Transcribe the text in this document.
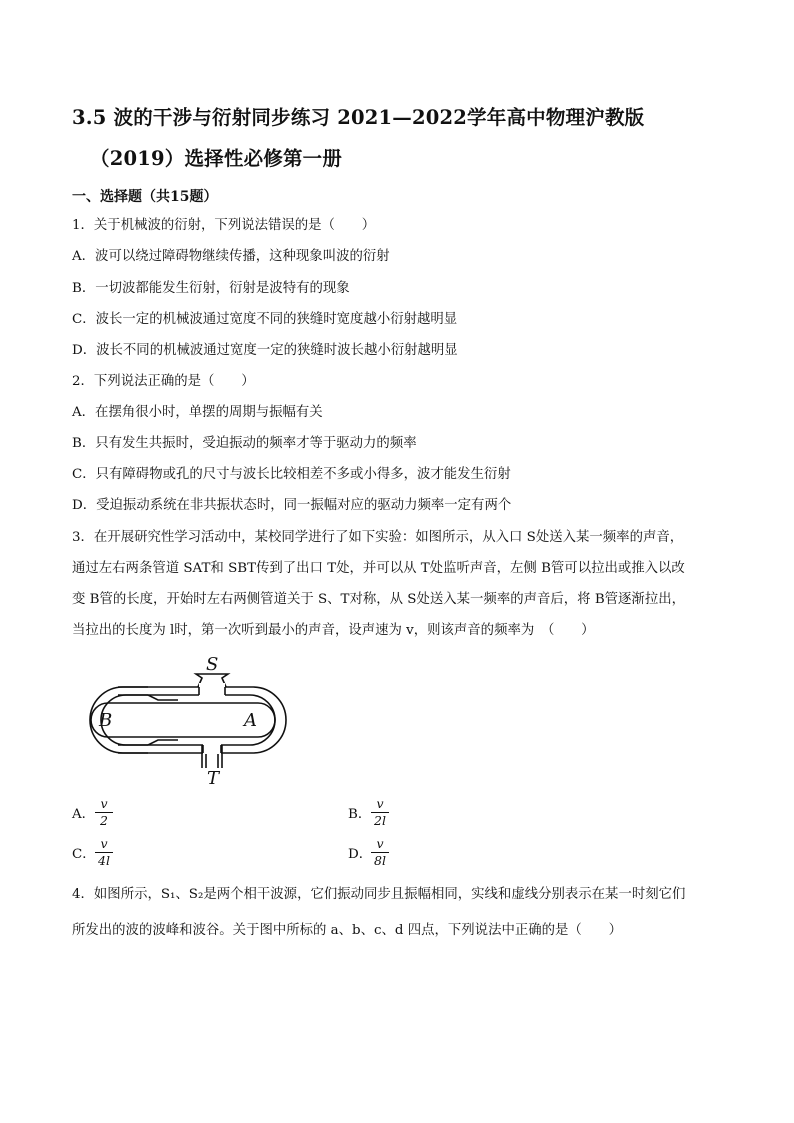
3.5 波的干涉与衍射同步练习 2021—2022学年高中物理沪教版
（2019）选择性必修第一册
一、选择题（共15题）
1．关于机械波的衍射，下列说法错误的是（　　）
A．波可以绕过障碍物继续传播，这种现象叫波的衍射
B．一切波都能发生衍射，衍射是波特有的现象
C．波长一定的机械波通过宽度不同的狭缝时宽度越小衍射越明显
D．波长不同的机械波通过宽度一定的狭缝时波长越小衍射越明显
2．下列说法正确的是（　　）
A．在摆角很小时，单摆的周期与振幅有关
B．只有发生共振时，受迫振动的频率才等于驱动力的频率
C．只有障碍物或孔的尺寸与波长比较相差不多或小得多，波才能发生衍射
D．受迫振动系统在非共振状态时，同一振幅对应的驱动力频率一定有两个
3．在开展研究性学习活动中，某校同学进行了如下实验：如图所示，从入口 S处送入某一频率的声音，
通过左右两条管道 SAT和 SBT传到了出口 T处，并可以从 T处监听声音，左侧 B管可以拉出或推入以改
变 B管的长度，开始时左右两侧管道关于 S、T对称，从 S处送入某一频率的声音后，将 B管逐渐拉出，
当拉出的长度为 l时，第一次听到最小的声音，设声速为 v，则该声音的频率为　（　　）
S
T
A
B
A．
v
2	B．
v
2l
C．
v
4l	D．
v
8l
4．如图所示，S₁、S₂是两个相干波源，它们振动同步且振幅相同，实线和虚线分别表示在某一时刻它们
所发出的波的波峰和波谷。关于图中所标的 a、b、c、d 四点，下列说法中正确的是（　　）
